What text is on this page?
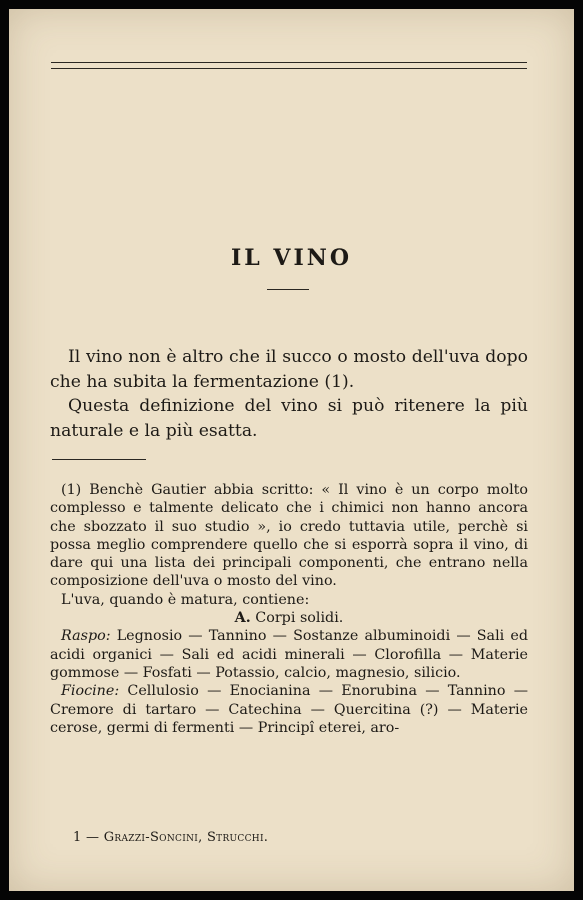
IL VINO

Il vino non è altro che il succo o mosto dell'uva dopo che ha subita la fermentazione (1).

Questa definizione del vino si può ritenere la più naturale e la più esatta.

(1) Benchè Gautier abbia scritto: « Il vino è un corpo molto complesso e talmente delicato che i chimici non hanno ancora che sbozzato il suo studio », io credo tuttavia utile, perchè si possa meglio comprendere quello che si esporrà sopra il vino, di dare qui una lista dei principali componenti, che entrano nella composizione dell'uva o mosto del vino.

L'uva, quando è matura, contiene:

A. Corpi solidi.

Raspo: Legnosio — Tannino — Sostanze albuminoidi — Sali ed acidi organici — Sali ed acidi minerali — Clorofilla — Materie gommose — Fosfati — Potassio, calcio, magnesio, silicio.

Fiocine: Cellulosio — Enocianina — Enorubina — Tannino — Cremore di tartaro — Catechina — Quercitina (?) — Materie cerose, germi di fermenti — Principî eterei, aro-

1 — Grazzi-Soncini, Strucchi.
